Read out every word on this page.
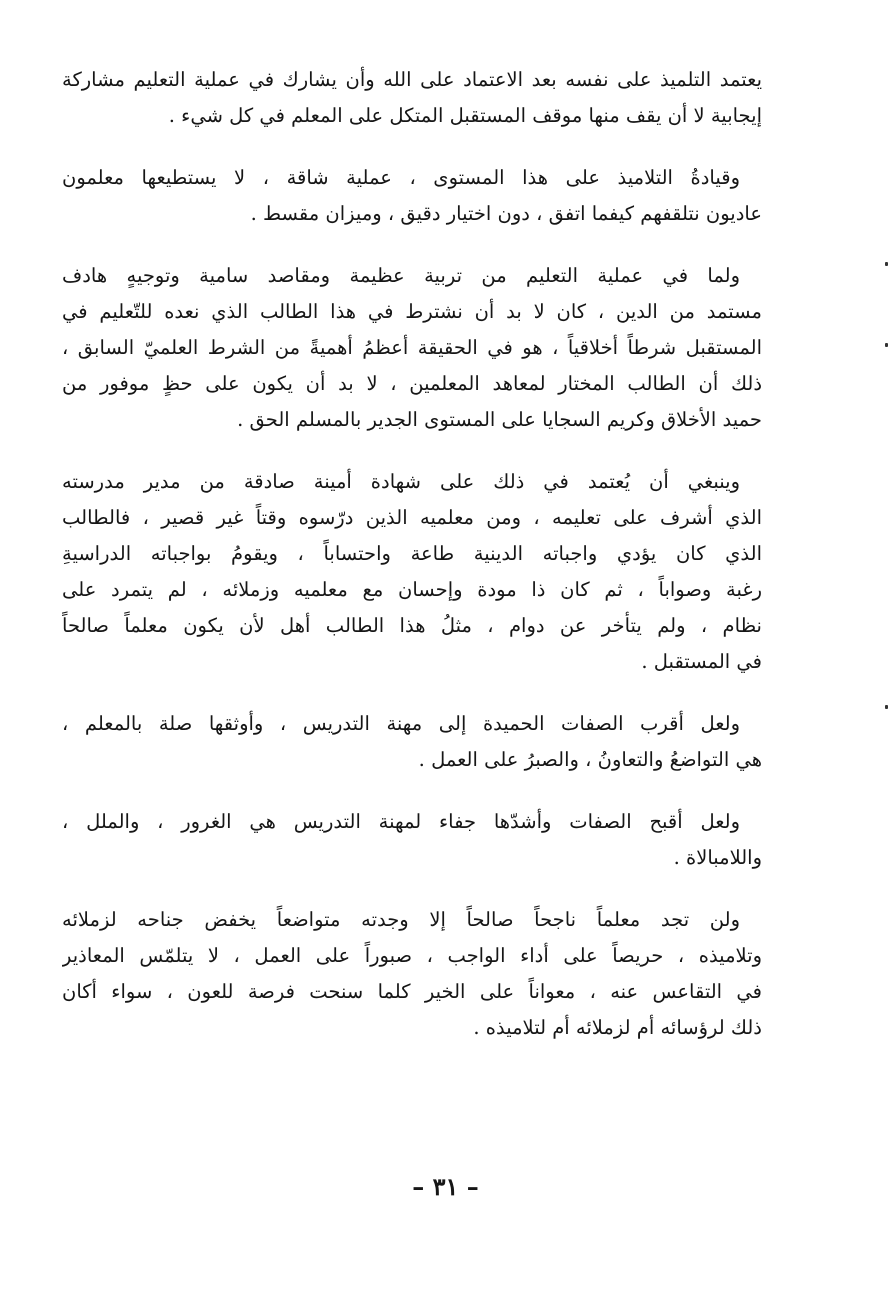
يعتمد التلميذ على نفسه بعد الاعتماد على الله وأن يشارك في عملية التعليم مشاركة
إيجابية لا أن يقف منها موقف المستقبل المتكل على المعلم في كل شيء .

وقيادةُ التلاميذ على هذا المستوى ، عملية شاقة ، لا يستطيعها معلمون
عاديون نتلقفهم كيفما اتفق ، دون اختيار دقيق ، وميزان مقسط .

ولما في عملية التعليم من تربية عظيمة ومقاصد سامية وتوجيهٍ هادف
مستمد من الدين ، كان لا بد أن نشترط في هذا الطالب الذي نعده للتّعليم في
المستقبل شرطاً أخلاقياً ، هو في الحقيقة أعظمُ أهميةً من الشرط العلميّ السابق ،
ذلك أن الطالب المختار لمعاهد المعلمين ، لا بد أن يكون على حظٍ موفور من
حميد الأخلاق وكريم السجايا على المستوى الجدير بالمسلم الحق .

وينبغي أن يُعتمد في ذلك على شهادة أمينة صادقة من مدير مدرسته
الذي أشرف على تعليمه ، ومن معلميه الذين درّسوه وقتاً غير قصير ، فالطالب
الذي كان يؤدي واجباته الدينية طاعة واحتساباً ، ويقومُ بواجباته الدراسيةِ
رغبة وصواباً ، ثم كان ذا مودة وإحسان مع معلميه وزملائه ، لم يتمرد على
نظام ، ولم يتأخر عن دوام ، مثلُ هذا الطالب أهل لأن يكون معلماً صالحاً
في المستقبل .

ولعل أقرب الصفات الحميدة إلى مهنة التدريس ، وأوثقها صلة بالمعلم ،
هي التواضعُ والتعاونُ ، والصبرُ على العمل .

ولعل أقبح الصفات وأشدّها جفاء لمهنة التدريس هي الغرور ، والملل ،
واللامبالاة .

ولن تجد معلماً ناجحاً صالحاً إلا وجدته متواضعاً يخفض جناحه لزملائه
وتلاميذه ، حريصاً على أداء الواجب ، صبوراً على العمل ، لا يتلمّس المعاذير
في التقاعس عنه ، معواناً على الخير كلما سنحت فرصة للعون ، سواء أكان
ذلك لرؤسائه أم لزملائه أم لتلاميذه .

– ٣١ –
